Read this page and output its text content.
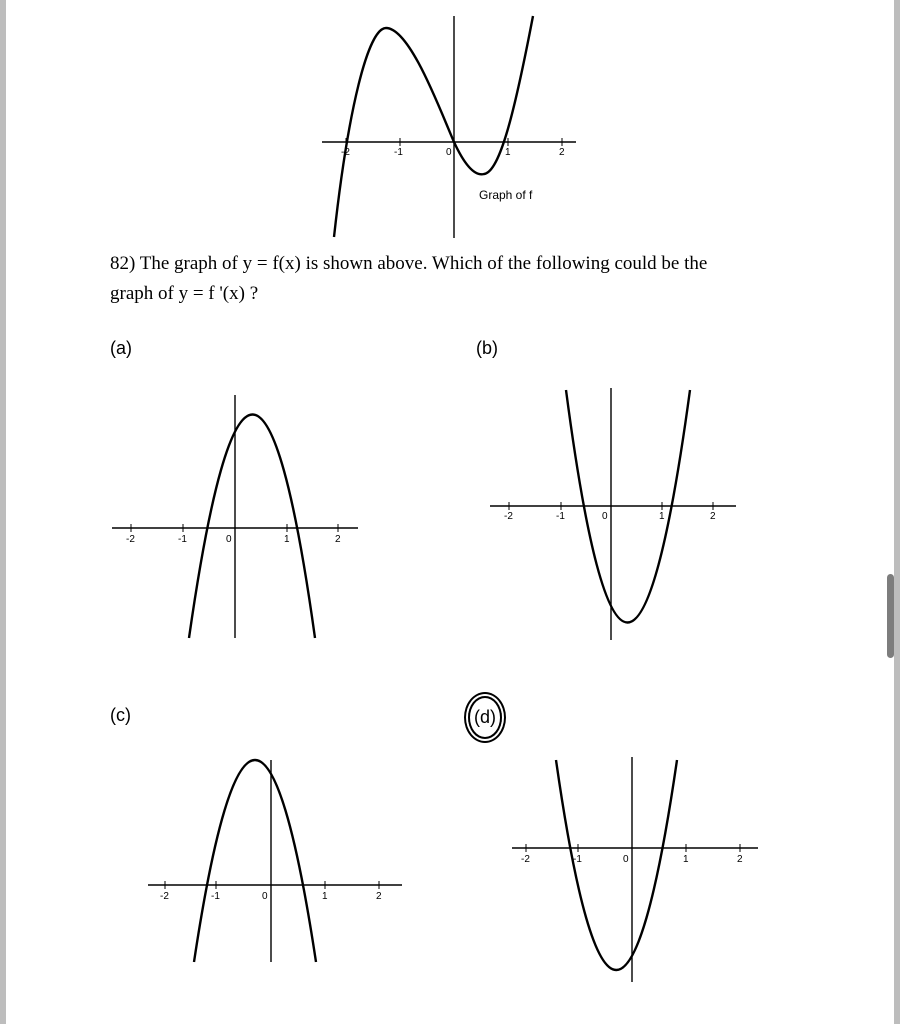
-2	-1	0	1	2
Graph of f
82) The graph of y = f(x) is shown above. Which of the following could be the
graph of y = f '(x) ?
(a)	(b)
(c)	(d)
-2	-1	0	1	2
-2	-1	0	1	2
-2	-1	0	1	2
-2	-1	0	1	2
